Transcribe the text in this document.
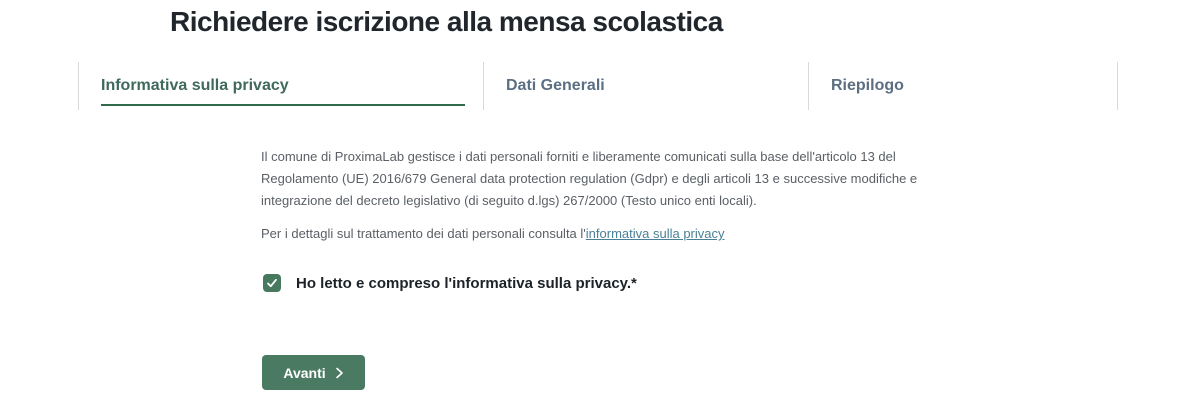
Richiedere iscrizione alla mensa scolastica
Informativa sulla privacy	Dati Generali	Riepilogo

Il comune di ProximaLab gestisce i dati personali forniti e liberamente comunicati sulla base dell'articolo 13 del Regolamento (UE) 2016/679 General data protection regulation (Gdpr) e degli articoli 13 e successive modifiche e integrazione del decreto legislativo (di seguito d.lgs) 267/2000 (Testo unico enti locali).

Per i dettagli sul trattamento dei dati personali consulta l'informativa sulla privacy

Ho letto e compreso l'informativa sulla privacy.*
Avanti
